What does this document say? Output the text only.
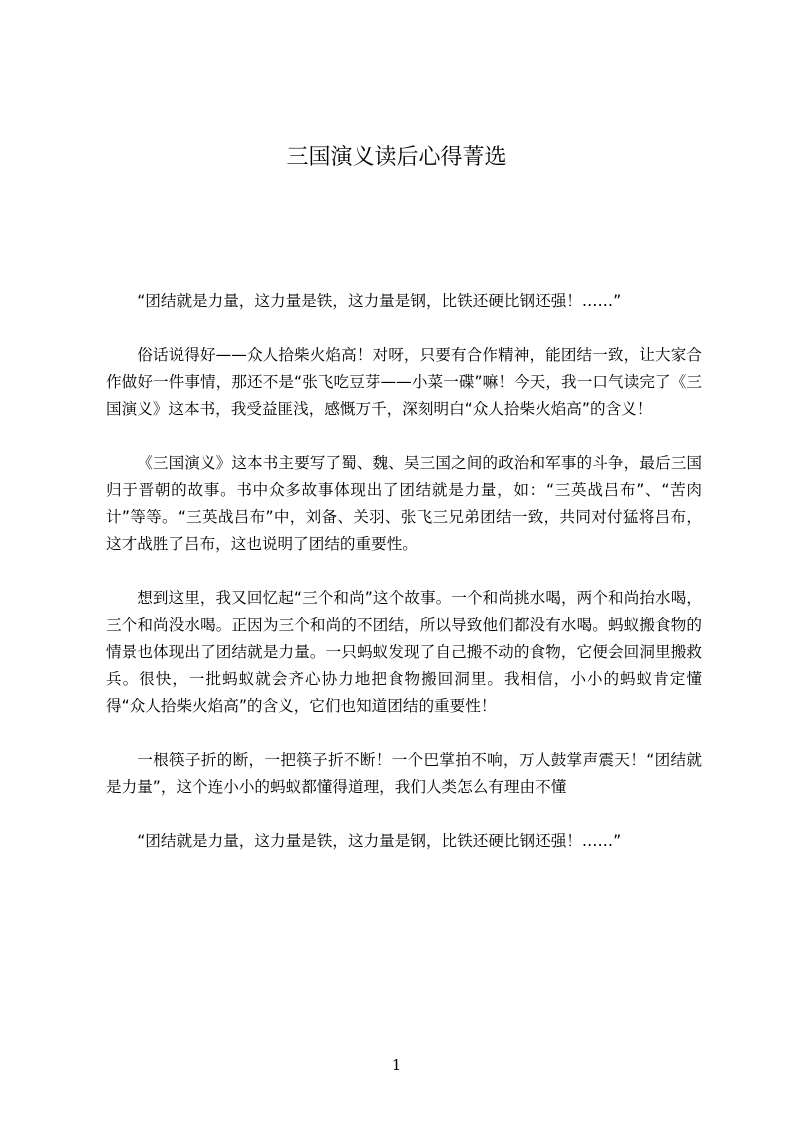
三国演义读后心得菁选

“团结就是力量，这力量是铁，这力量是钢，比铁还硬比钢还强！……”

俗话说得好——众人拾柴火焰高！对呀，只要有合作精神，能团结一致，让大家合作做好一件事情，那还不是“张飞吃豆芽——小菜一碟”嘛！今天，我一口气读完了《三国演义》这本书，我受益匪浅，感慨万千，深刻明白“众人拾柴火焰高”的含义！

《三国演义》这本书主要写了蜀、魏、吴三国之间的政治和军事的斗争，最后三国归于晋朝的故事。书中众多故事体现出了团结就是力量，如：“三英战吕布”、“苦肉计”等等。“三英战吕布”中，刘备、关羽、张飞三兄弟团结一致，共同对付猛将吕布，这才战胜了吕布，这也说明了团结的重要性。

想到这里，我又回忆起“三个和尚”这个故事。一个和尚挑水喝，两个和尚抬水喝，三个和尚没水喝。正因为三个和尚的不团结，所以导致他们都没有水喝。蚂蚁搬食物的情景也体现出了团结就是力量。一只蚂蚁发现了自己搬不动的食物，它便会回洞里搬救兵。很快，一批蚂蚁就会齐心协力地把食物搬回洞里。我相信，小小的蚂蚁肯定懂得“众人拾柴火焰高”的含义，它们也知道团结的重要性！

一根筷子折的断，一把筷子折不断！一个巴掌拍不响，万人鼓掌声震天！“团结就是力量”，这个连小小的蚂蚁都懂得道理，我们人类怎么有理由不懂

“团结就是力量，这力量是铁，这力量是钢，比铁还硬比钢还强！……”

1
